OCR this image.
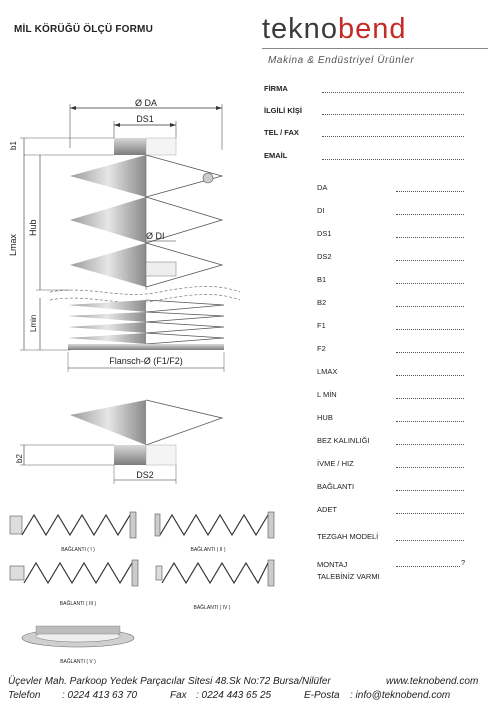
MİL KÖRÜĞÜ ÖLÇÜ FORMU	teknobend
Makina & Endüstriyel Ürünler
FİRMA
İLGİLİ KİŞİ
TEL / FAX
EMAİL
DA
DI
DS1
DS2
B1
B2
F1
F2
LMAX
L MİN
HUB
BEZ KALINLIĞI
İVME / HIZ
BAĞLANTI
ADET
TEZGAH MODELİ
MONTAJ
TALEBİNİZ VARMI
?
Ø DA
DS1
Ø DI
b1
Lmax
Hub
Lmin
Flansch-Ø (F1/F2)
b2
DS2
BAĞLANTI ( I )	BAĞLANTI ( II )
BAĞLANTI ( III )
BAĞLANTI ( IV )
BAĞLANTI ( V )
Üçevler Mah. Parkoop Yedek Parçacılar Sitesi 48.Sk No:72 Bursa/Nilüfer	www.teknobend.com
Telefon : 0224 413 63 70	Fax : 0224 443 65 25	E-Posta : info@teknobend.com
